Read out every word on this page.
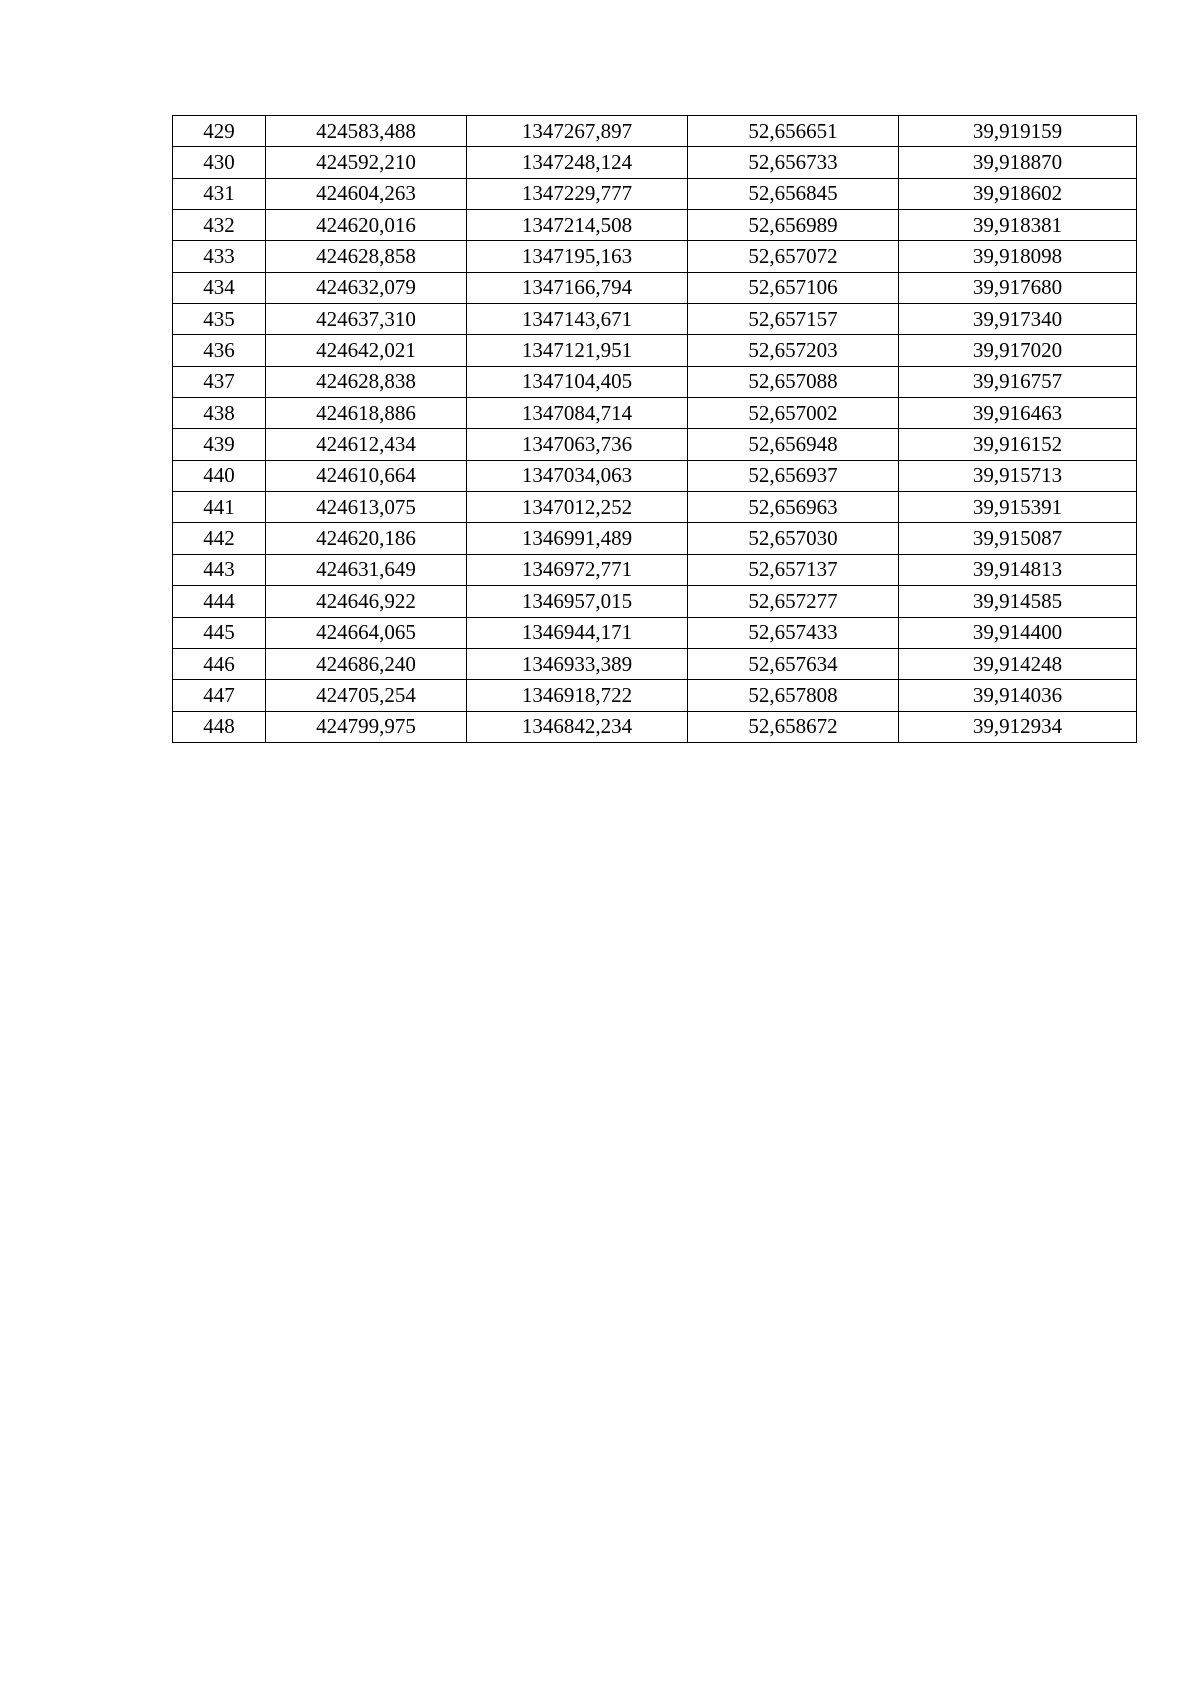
429	424583,488	1347267,897	52,656651	39,919159
430	424592,210	1347248,124	52,656733	39,918870
431	424604,263	1347229,777	52,656845	39,918602
432	424620,016	1347214,508	52,656989	39,918381
433	424628,858	1347195,163	52,657072	39,918098
434	424632,079	1347166,794	52,657106	39,917680
435	424637,310	1347143,671	52,657157	39,917340
436	424642,021	1347121,951	52,657203	39,917020
437	424628,838	1347104,405	52,657088	39,916757
438	424618,886	1347084,714	52,657002	39,916463
439	424612,434	1347063,736	52,656948	39,916152
440	424610,664	1347034,063	52,656937	39,915713
441	424613,075	1347012,252	52,656963	39,915391
442	424620,186	1346991,489	52,657030	39,915087
443	424631,649	1346972,771	52,657137	39,914813
444	424646,922	1346957,015	52,657277	39,914585
445	424664,065	1346944,171	52,657433	39,914400
446	424686,240	1346933,389	52,657634	39,914248
447	424705,254	1346918,722	52,657808	39,914036
448	424799,975	1346842,234	52,658672	39,912934
